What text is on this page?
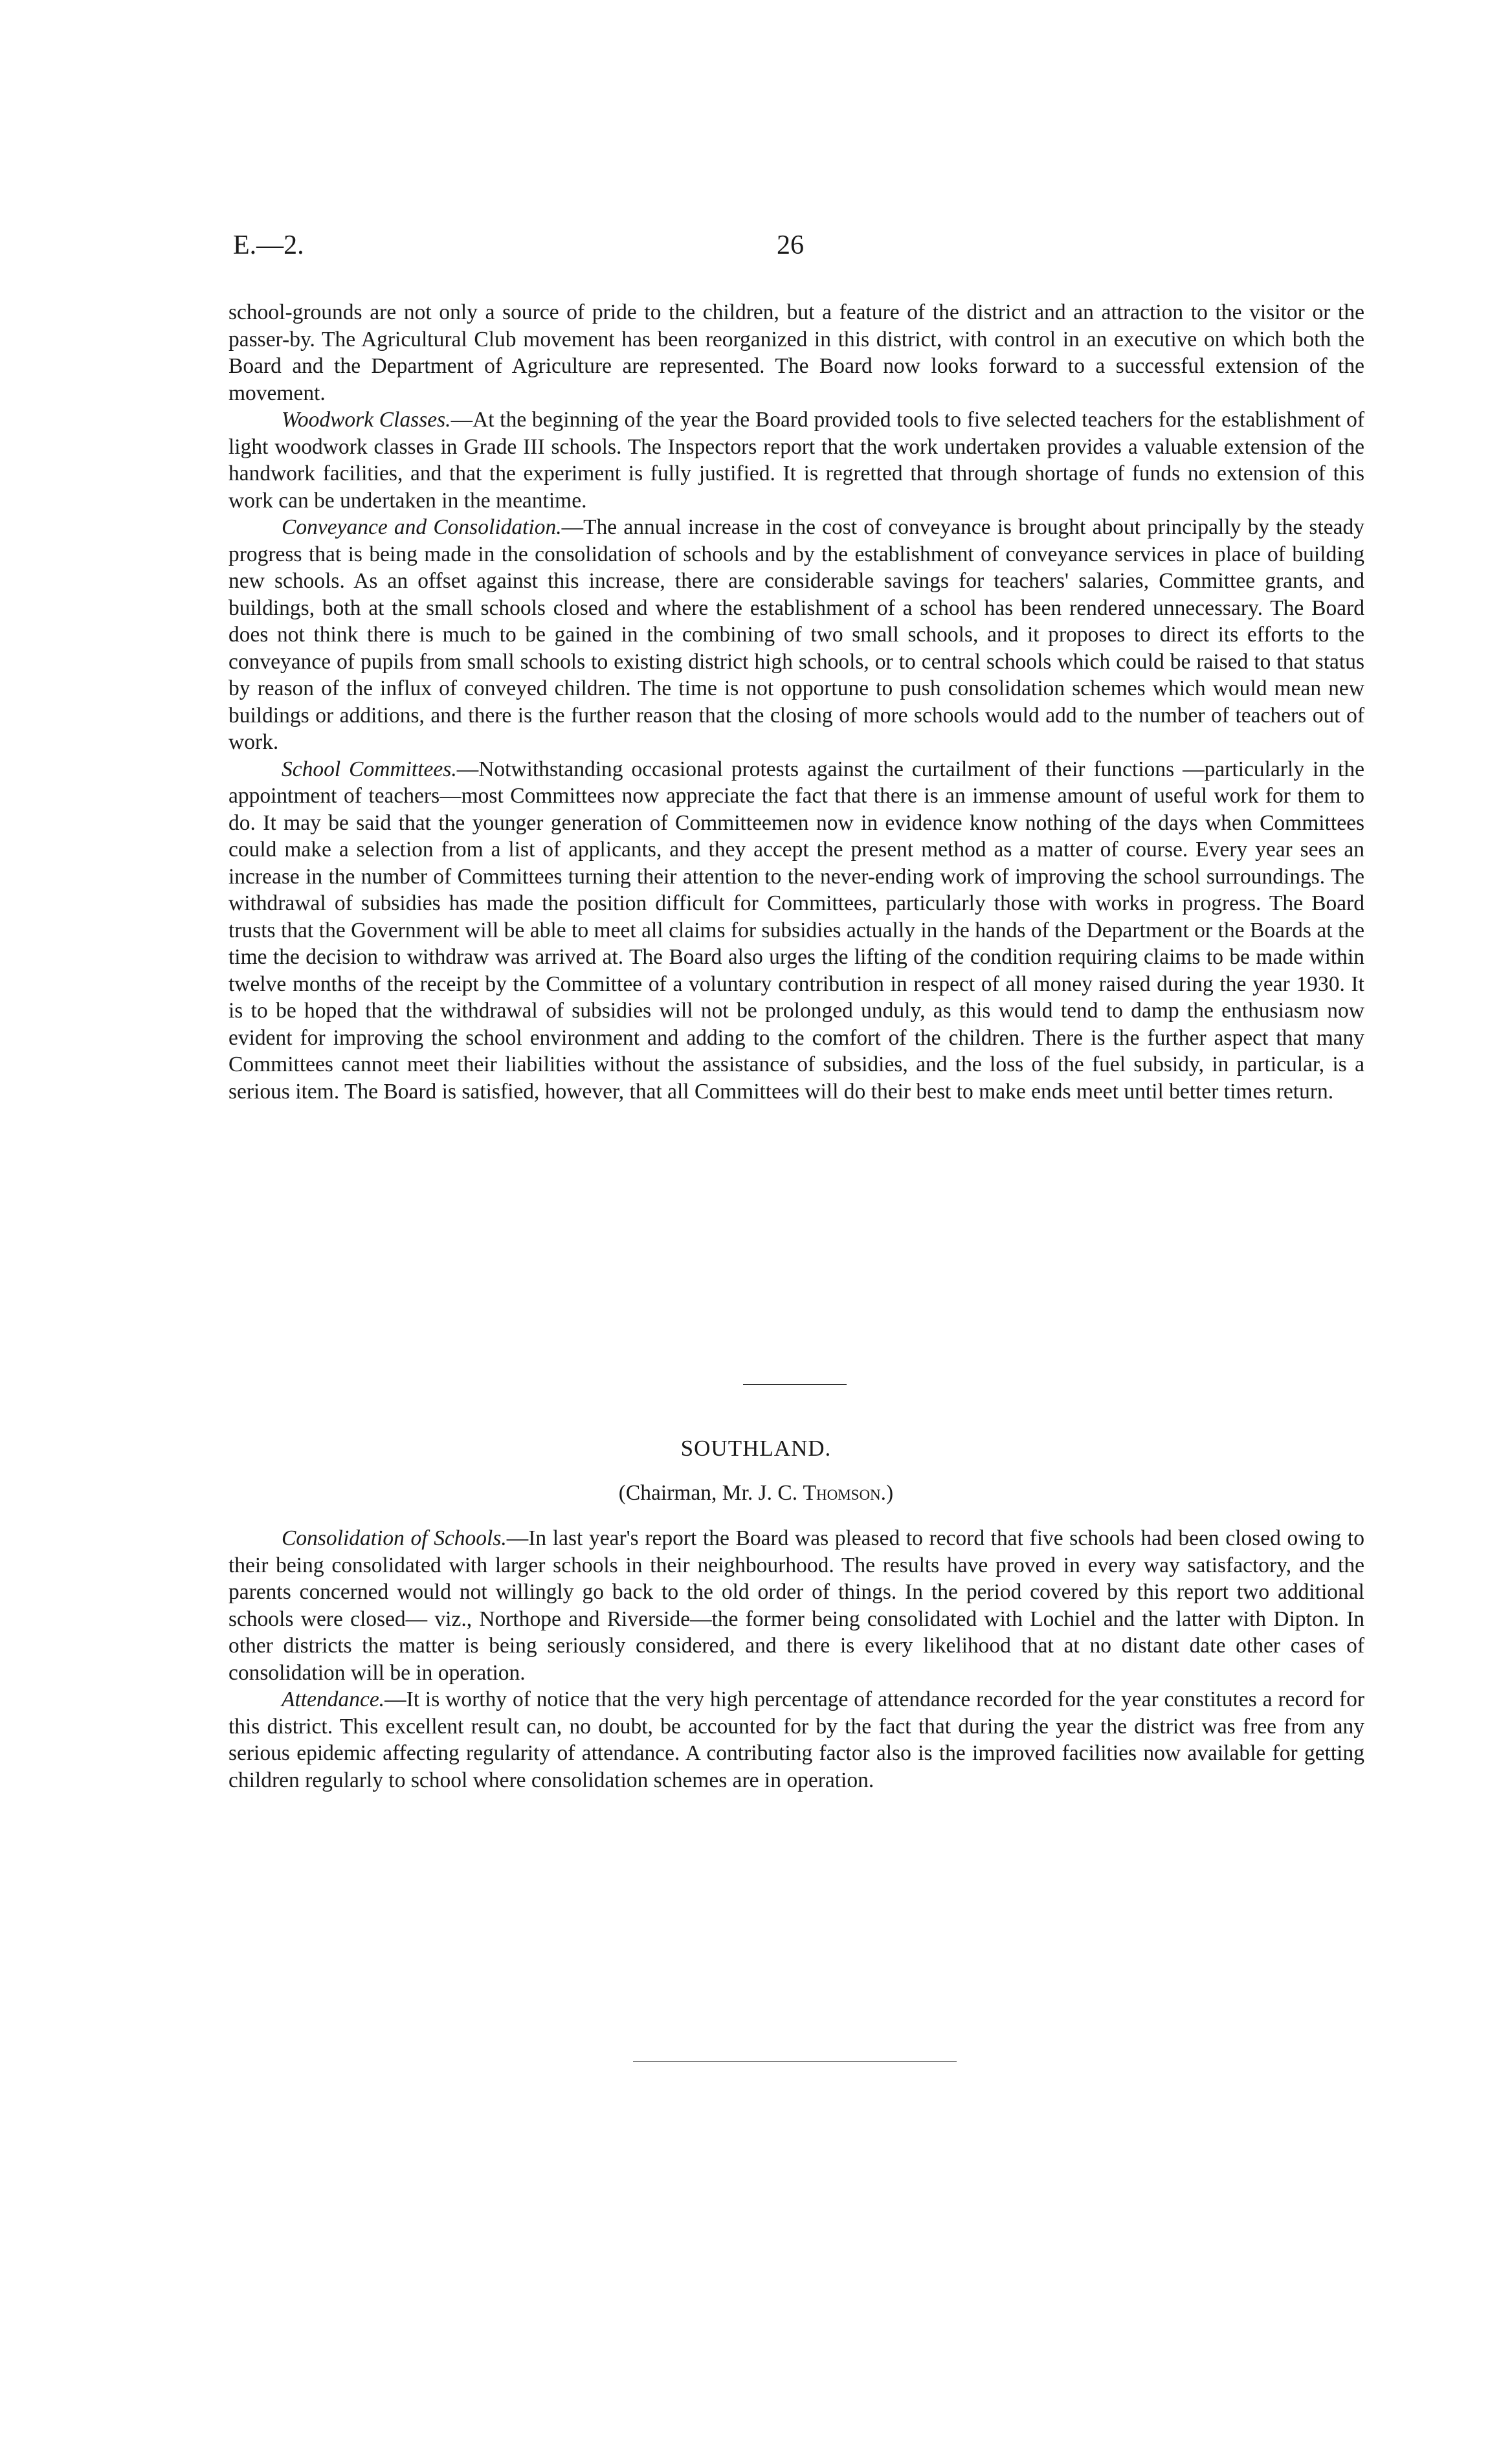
E.—2.	26

school-grounds are not only a source of pride to the children, but a feature of the district and an attraction to the visitor or the passer-by. The Agricultural Club movement has been reorganized in this district, with control in an executive on which both the Board and the Department of Agriculture are represented. The Board now looks forward to a successful extension of the movement.

Woodwork Classes.—At the beginning of the year the Board provided tools to five selected teachers for the establishment of light woodwork classes in Grade III schools. The Inspectors report that the work undertaken provides a valuable extension of the handwork facilities, and that the experiment is fully justified. It is regretted that through shortage of funds no extension of this work can be undertaken in the meantime.

Conveyance and Consolidation.—The annual increase in the cost of conveyance is brought about principally by the steady progress that is being made in the consolidation of schools and by the establishment of conveyance services in place of building new schools. As an offset against this increase, there are considerable savings for teachers' salaries, Committee grants, and buildings, both at the small schools closed and where the establishment of a school has been rendered unnecessary. The Board does not think there is much to be gained in the combining of two small schools, and it proposes to direct its efforts to the conveyance of pupils from small schools to existing district high schools, or to central schools which could be raised to that status by reason of the influx of conveyed children. The time is not opportune to push consolidation schemes which would mean new buildings or additions, and there is the further reason that the closing of more schools would add to the number of teachers out of work.

School Committees.—Notwithstanding occasional protests against the curtailment of their functions —particularly in the appointment of teachers—most Committees now appreciate the fact that there is an immense amount of useful work for them to do. It may be said that the younger generation of Committeemen now in evidence know nothing of the days when Committees could make a selection from a list of applicants, and they accept the present method as a matter of course. Every year sees an increase in the number of Committees turning their attention to the never-ending work of improving the school surroundings. The withdrawal of subsidies has made the position difficult for Committees, particularly those with works in progress. The Board trusts that the Government will be able to meet all claims for subsidies actually in the hands of the Department or the Boards at the time the decision to withdraw was arrived at. The Board also urges the lifting of the condition requiring claims to be made within twelve months of the receipt by the Committee of a voluntary contribution in respect of all money raised during the year 1930. It is to be hoped that the withdrawal of subsidies will not be prolonged unduly, as this would tend to damp the enthusiasm now evident for improving the school environment and adding to the comfort of the children. There is the further aspect that many Committees cannot meet their liabilities without the assistance of subsidies, and the loss of the fuel subsidy, in particular, is a serious item. The Board is satisfied, however, that all Committees will do their best to make ends meet until better times return.

SOUTHLAND.
(Chairman, Mr. J. C. Thomson.)

Consolidation of Schools.—In last year's report the Board was pleased to record that five schools had been closed owing to their being consolidated with larger schools in their neighbourhood. The results have proved in every way satisfactory, and the parents concerned would not willingly go back to the old order of things. In the period covered by this report two additional schools were closed— viz., Northope and Riverside—the former being consolidated with Lochiel and the latter with Dipton. In other districts the matter is being seriously considered, and there is every likelihood that at no distant date other cases of consolidation will be in operation.

Attendance.—It is worthy of notice that the very high percentage of attendance recorded for the year constitutes a record for this district. This excellent result can, no doubt, be accounted for by the fact that during the year the district was free from any serious epidemic affecting regularity of attendance. A contributing factor also is the improved facilities now available for getting children regularly to school where consolidation schemes are in operation.
